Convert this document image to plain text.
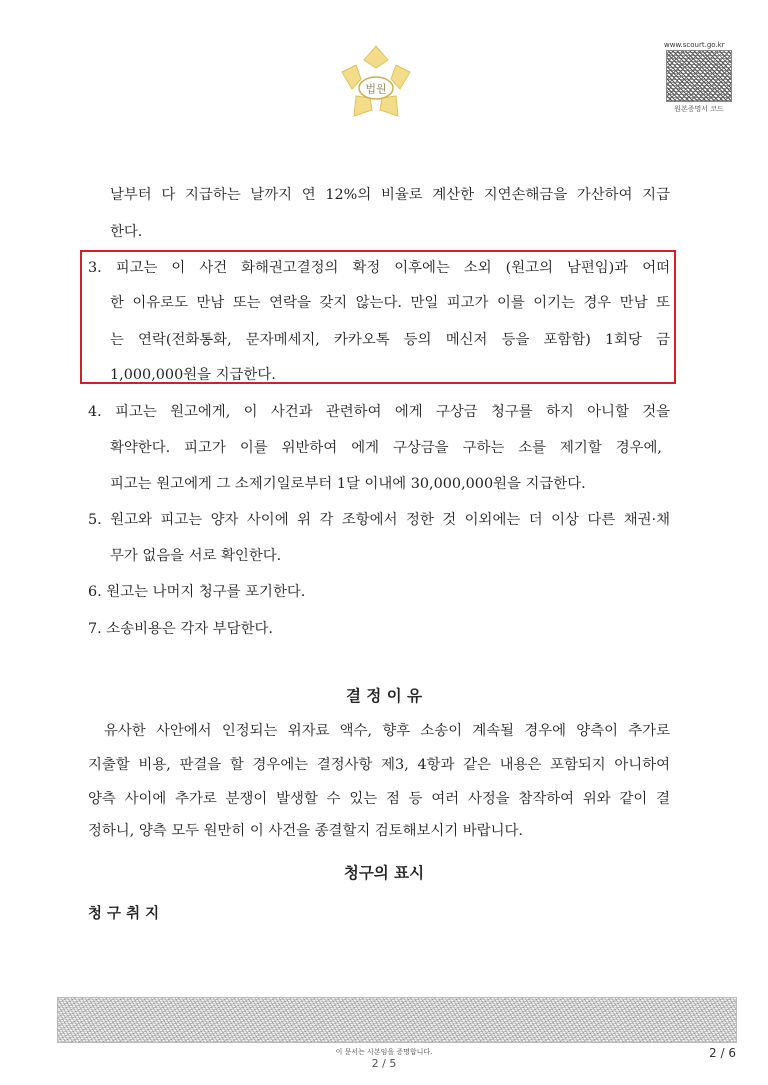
법원
www.scourt.go.kr
원본증명서 코드
날부터 다 지급하는 날까지 연 12%의 비율로 계산한 지연손해금을 가산하여 지급
한다.
3. 피고는 이 사건 화해권고결정의 확정 이후에는 소외 (원고의 남편임)과 어떠
한 이유로도 만남 또는 연락을 갖지 않는다. 만일 피고가 이를 이기는 경우 만남 또
는 연락(전화통화, 문자메세지, 카카오톡 등의 메신저 등을 포함함) 1회당 금
1,000,000원을 지급한다.
4. 피고는 원고에게, 이 사건과 관련하여 에게 구상금 청구를 하지 아니할 것을
확약한다. 피고가 이를 위반하여 에게 구상금을 구하는 소를 제기할 경우에,
피고는 원고에게 그 소제기일로부터 1달 이내에 30,000,000원을 지급한다.
5. 원고와 피고는 양자 사이에 위 각 조항에서 정한 것 이외에는 더 이상 다른 채권·채
무가 없음을 서로 확인한다.
6. 원고는 나머지 청구를 포기한다.
7. 소송비용은 각자 부담한다.
결 정 이 유
유사한 사안에서 인정되는 위자료 액수, 향후 소송이 계속될 경우에 양측이 추가로
지출할 비용, 판결을 할 경우에는 결정사항 제3, 4항과 같은 내용은 포함되지 아니하여
양측 사이에 추가로 분쟁이 발생할 수 있는 점 등 여러 사정을 참작하여 위와 같이 결
정하니, 양측 모두 원만히 이 사건을 종결할지 검토해보시기 바랍니다.
청구의 표시
청 구 취 지
이 문서는 사본임을 증명합니다.
2 / 5
2 / 6
